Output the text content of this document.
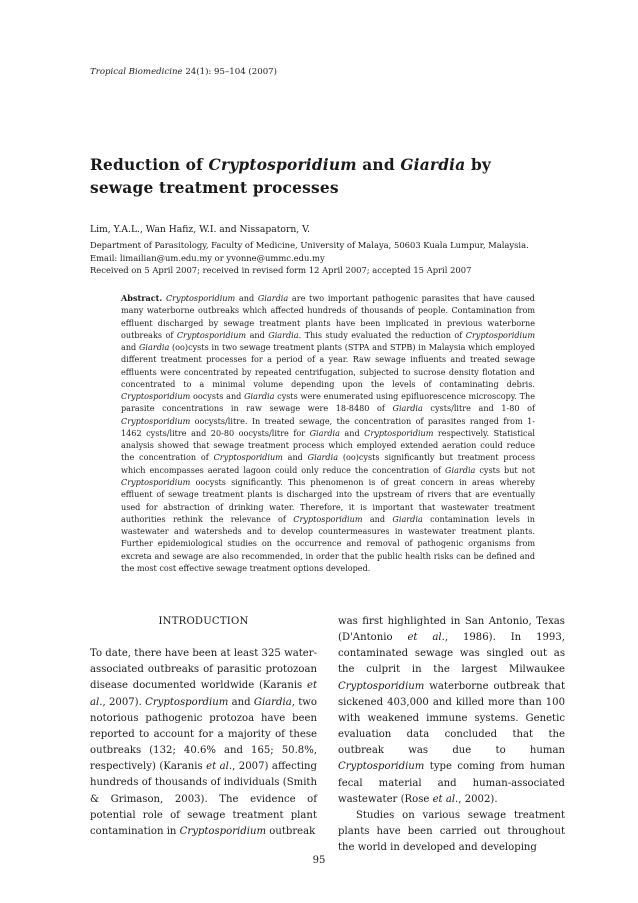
Tropical Biomedicine 24(1): 95–104 (2007)
Reduction of Cryptosporidium and Giardia by sewage treatment processes
Lim, Y.A.L., Wan Hafiz, W.I. and Nissapatorn, V.
Department of Parasitology, Faculty of Medicine, University of Malaya, 50603 Kuala Lumpur, Malaysia.
Email: limailian@um.edu.my or yvonne@ummc.edu.my
Received on 5 April 2007; received in revised form 12 April 2007; accepted 15 April 2007
Abstract. Cryptosporidium and Giardia are two important pathogenic parasites that have caused many waterborne outbreaks which affected hundreds of thousands of people. Contamination from effluent discharged by sewage treatment plants have been implicated in previous waterborne outbreaks of Cryptosporidium and Giardia. This study evaluated the reduction of Cryptosporidium and Giardia (oo)cysts in two sewage treatment plants (STPA and STPB) in Malaysia which employed different treatment processes for a period of a year. Raw sewage influents and treated sewage effluents were concentrated by repeated centrifugation, subjected to sucrose density flotation and concentrated to a minimal volume depending upon the levels of contaminating debris. Cryptosporidium oocysts and Giardia cysts were enumerated using epifluorescence microscopy. The parasite concentrations in raw sewage were 18-8480 of Giardia cysts/litre and 1-80 of Cryptosporidium oocysts/litre. In treated sewage, the concentration of parasites ranged from 1-1462 cysts/litre and 20-80 oocysts/litre for Giardia and Cryptosporidium respectively. Statistical analysis showed that sewage treatment process which employed extended aeration could reduce the concentration of Cryptosporidium and Giardia (oo)cysts significantly but treatment process which encompasses aerated lagoon could only reduce the concentration of Giardia cysts but not Cryptosporidium oocysts significantly. This phenomenon is of great concern in areas whereby effluent of sewage treatment plants is discharged into the upstream of rivers that are eventually used for abstraction of drinking water. Therefore, it is important that wastewater treatment authorities rethink the relevance of Cryptosporidium and Giardia contamination levels in wastewater and watersheds and to develop countermeasures in wastewater treatment plants. Further epidemiological studies on the occurrence and removal of pathogenic organisms from excreta and sewage are also recommended, in order that the public health risks can be defined and the most cost effective sewage treatment options developed.
INTRODUCTION

To date, there have been at least 325 water-associated outbreaks of parasitic protozoan disease documented worldwide (Karanis et al., 2007). Cryptospordium and Giardia, two notorious pathogenic protozoa have been reported to account for a majority of these outbreaks (132; 40.6% and 165; 50.8%, respectively) (Karanis et al., 2007) affecting hundreds of thousands of individuals (Smith & Grimason, 2003). The evidence of potential role of sewage treatment plant contamination in Cryptosporidium outbreak

was first highlighted in San Antonio, Texas (D'Antonio et al., 1986). In 1993, contaminated sewage was singled out as the culprit in the largest Milwaukee Cryptosporidium waterborne outbreak that sickened 403,000 and killed more than 100 with weakened immune systems. Genetic evaluation data concluded that the outbreak was due to human Cryptosporidium type coming from human fecal material and human-associated wastewater (Rose et al., 2002).

Studies on various sewage treatment plants have been carried out throughout the world in developed and developing

95
